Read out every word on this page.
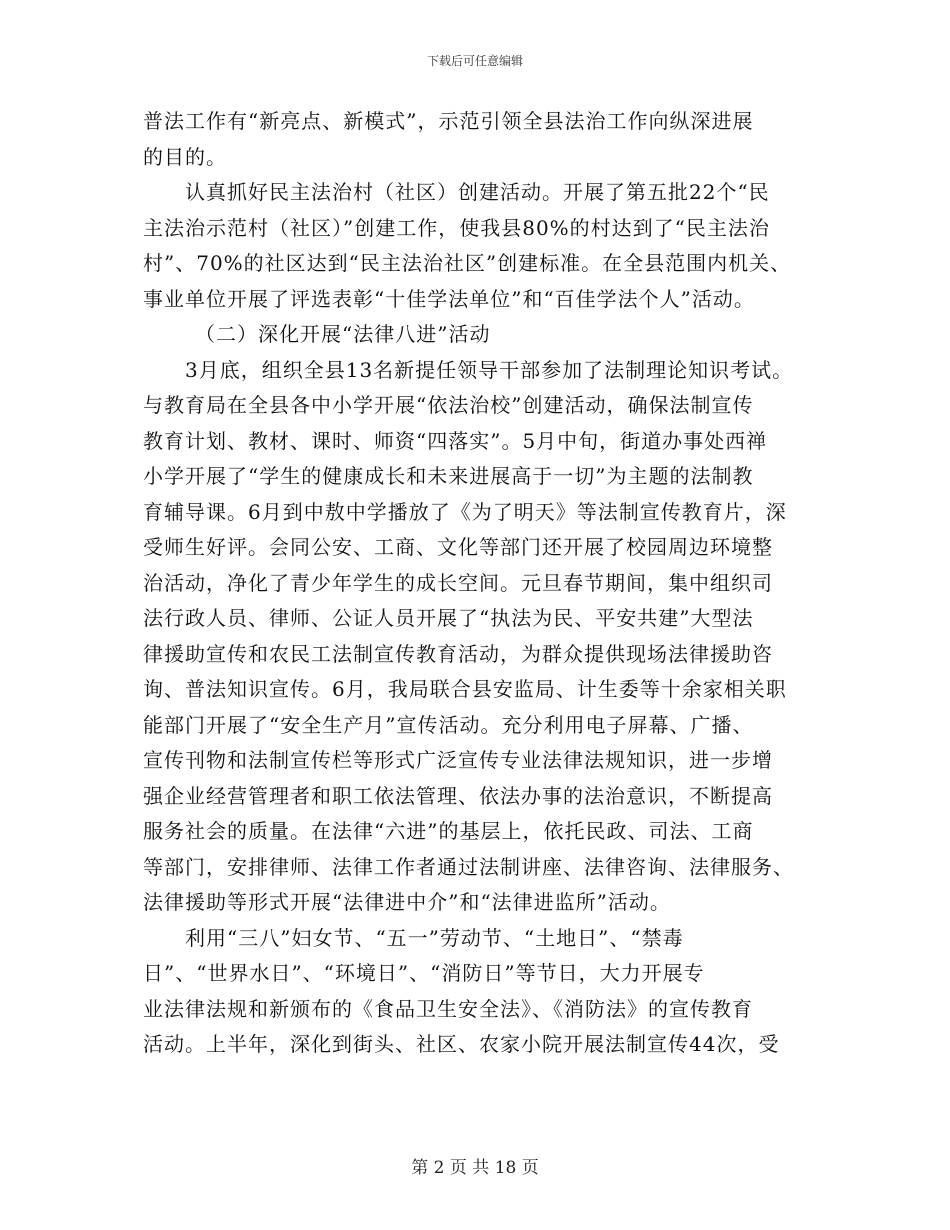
下载后可任意编辑
普法工作有“新亮点、新模式”，示范引领全县法治工作向纵深进展
的目的。
认真抓好民主法治村（社区）创建活动。开展了第五批22个“民
主法治示范村（社区）”创建工作，使我县80%的村达到了“民主法治
村”、70%的社区达到“民主法治社区”创建标准。在全县范围内机关、
事业单位开展了评选表彰“十佳学法单位”和“百佳学法个人”活动。
（二）深化开展“法律八进”活动
3月底，组织全县13名新提任领导干部参加了法制理论知识考试。
与教育局在全县各中小学开展“依法治校”创建活动，确保法制宣传
教育计划、教材、课时、师资“四落实”。5月中旬，街道办事处西禅
小学开展了“学生的健康成长和未来进展高于一切”为主题的法制教
育辅导课。6月到中敖中学播放了《为了明天》等法制宣传教育片，深
受师生好评。会同公安、工商、文化等部门还开展了校园周边环境整
治活动，净化了青少年学生的成长空间。元旦春节期间，集中组织司
法行政人员、律师、公证人员开展了“执法为民、平安共建”大型法
律援助宣传和农民工法制宣传教育活动，为群众提供现场法律援助咨
询、普法知识宣传。6月，我局联合县安监局、计生委等十余家相关职
能部门开展了“安全生产月”宣传活动。充分利用电子屏幕、广播、
宣传刊物和法制宣传栏等形式广泛宣传专业法律法规知识，进一步增
强企业经营管理者和职工依法管理、依法办事的法治意识，不断提高
服务社会的质量。在法律“六进”的基层上，依托民政、司法、工商
等部门，安排律师、法律工作者通过法制讲座、法律咨询、法律服务、
法律援助等形式开展“法律进中介”和“法律进监所”活动。
利用“三八”妇女节、“五一”劳动节、“土地日”、“禁毒
日”、“世界水日”、“环境日”、“消防日”等节日，大力开展专
业法律法规和新颁布的《食品卫生安全法》、《消防法》的宣传教育
活动。上半年，深化到街头、社区、农家小院开展法制宣传44次，受
第 2 页 共 18 页
